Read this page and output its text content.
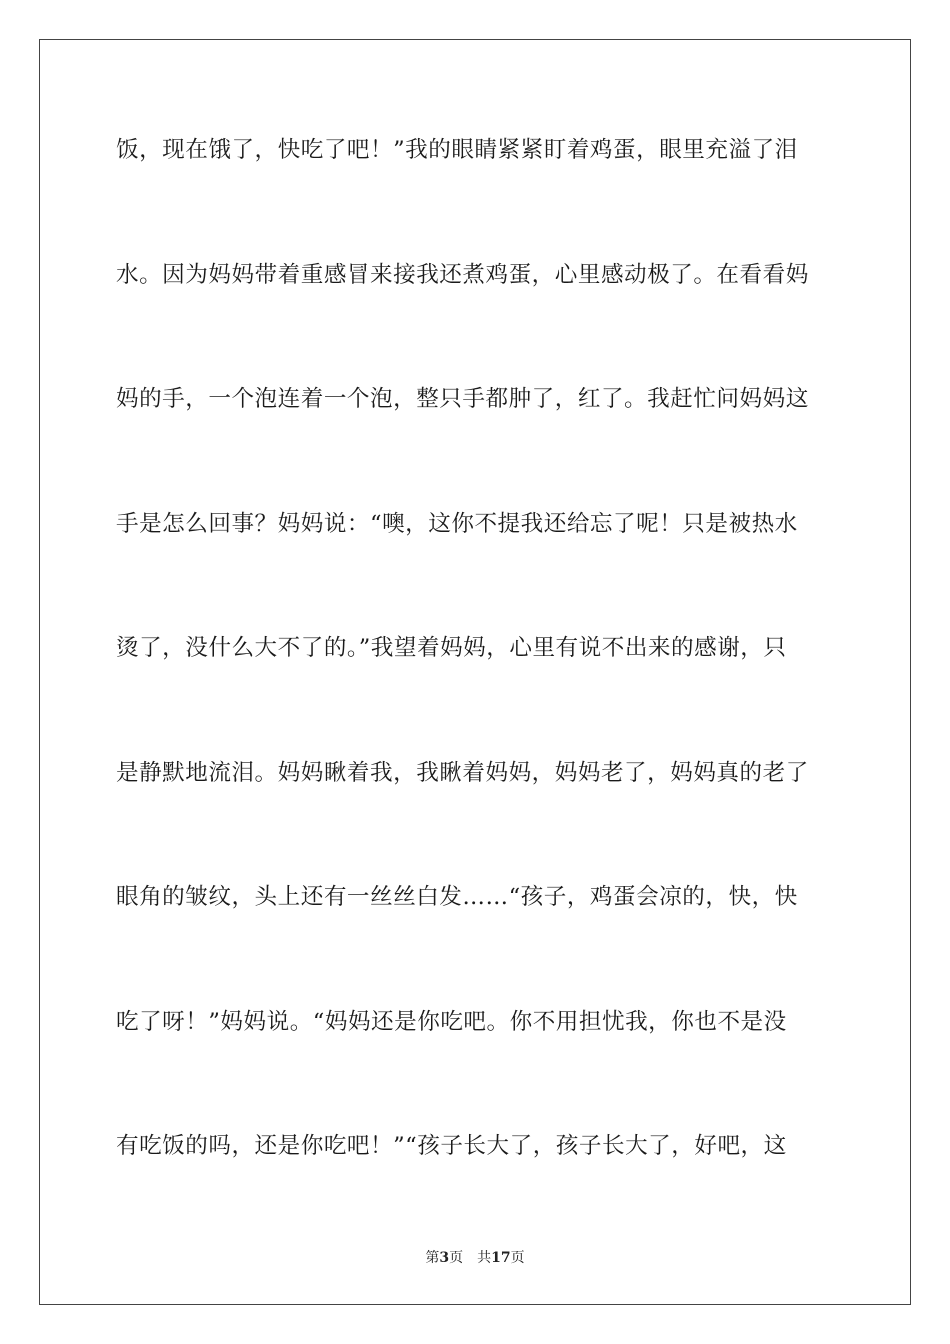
饭，现在饿了，快吃了吧！”我的眼睛紧紧盯着鸡蛋，眼里充溢了泪
水。因为妈妈带着重感冒来接我还煮鸡蛋，心里感动极了。在看看妈
妈的手，一个泡连着一个泡，整只手都肿了，红了。我赶忙问妈妈这
手是怎么回事？妈妈说：“噢，这你不提我还给忘了呢！只是被热水
烫了，没什么大不了的。”我望着妈妈，心里有说不出来的感谢，只
是静默地流泪。妈妈瞅着我，我瞅着妈妈，妈妈老了，妈妈真的老了
眼角的皱纹，头上还有一丝丝白发……“孩子，鸡蛋会凉的，快，快
吃了呀！”妈妈说。“妈妈还是你吃吧。你不用担忧我，你也不是没
有吃饭的吗，还是你吃吧！”“孩子长大了，孩子长大了，好吧，这
第3页 共17页
